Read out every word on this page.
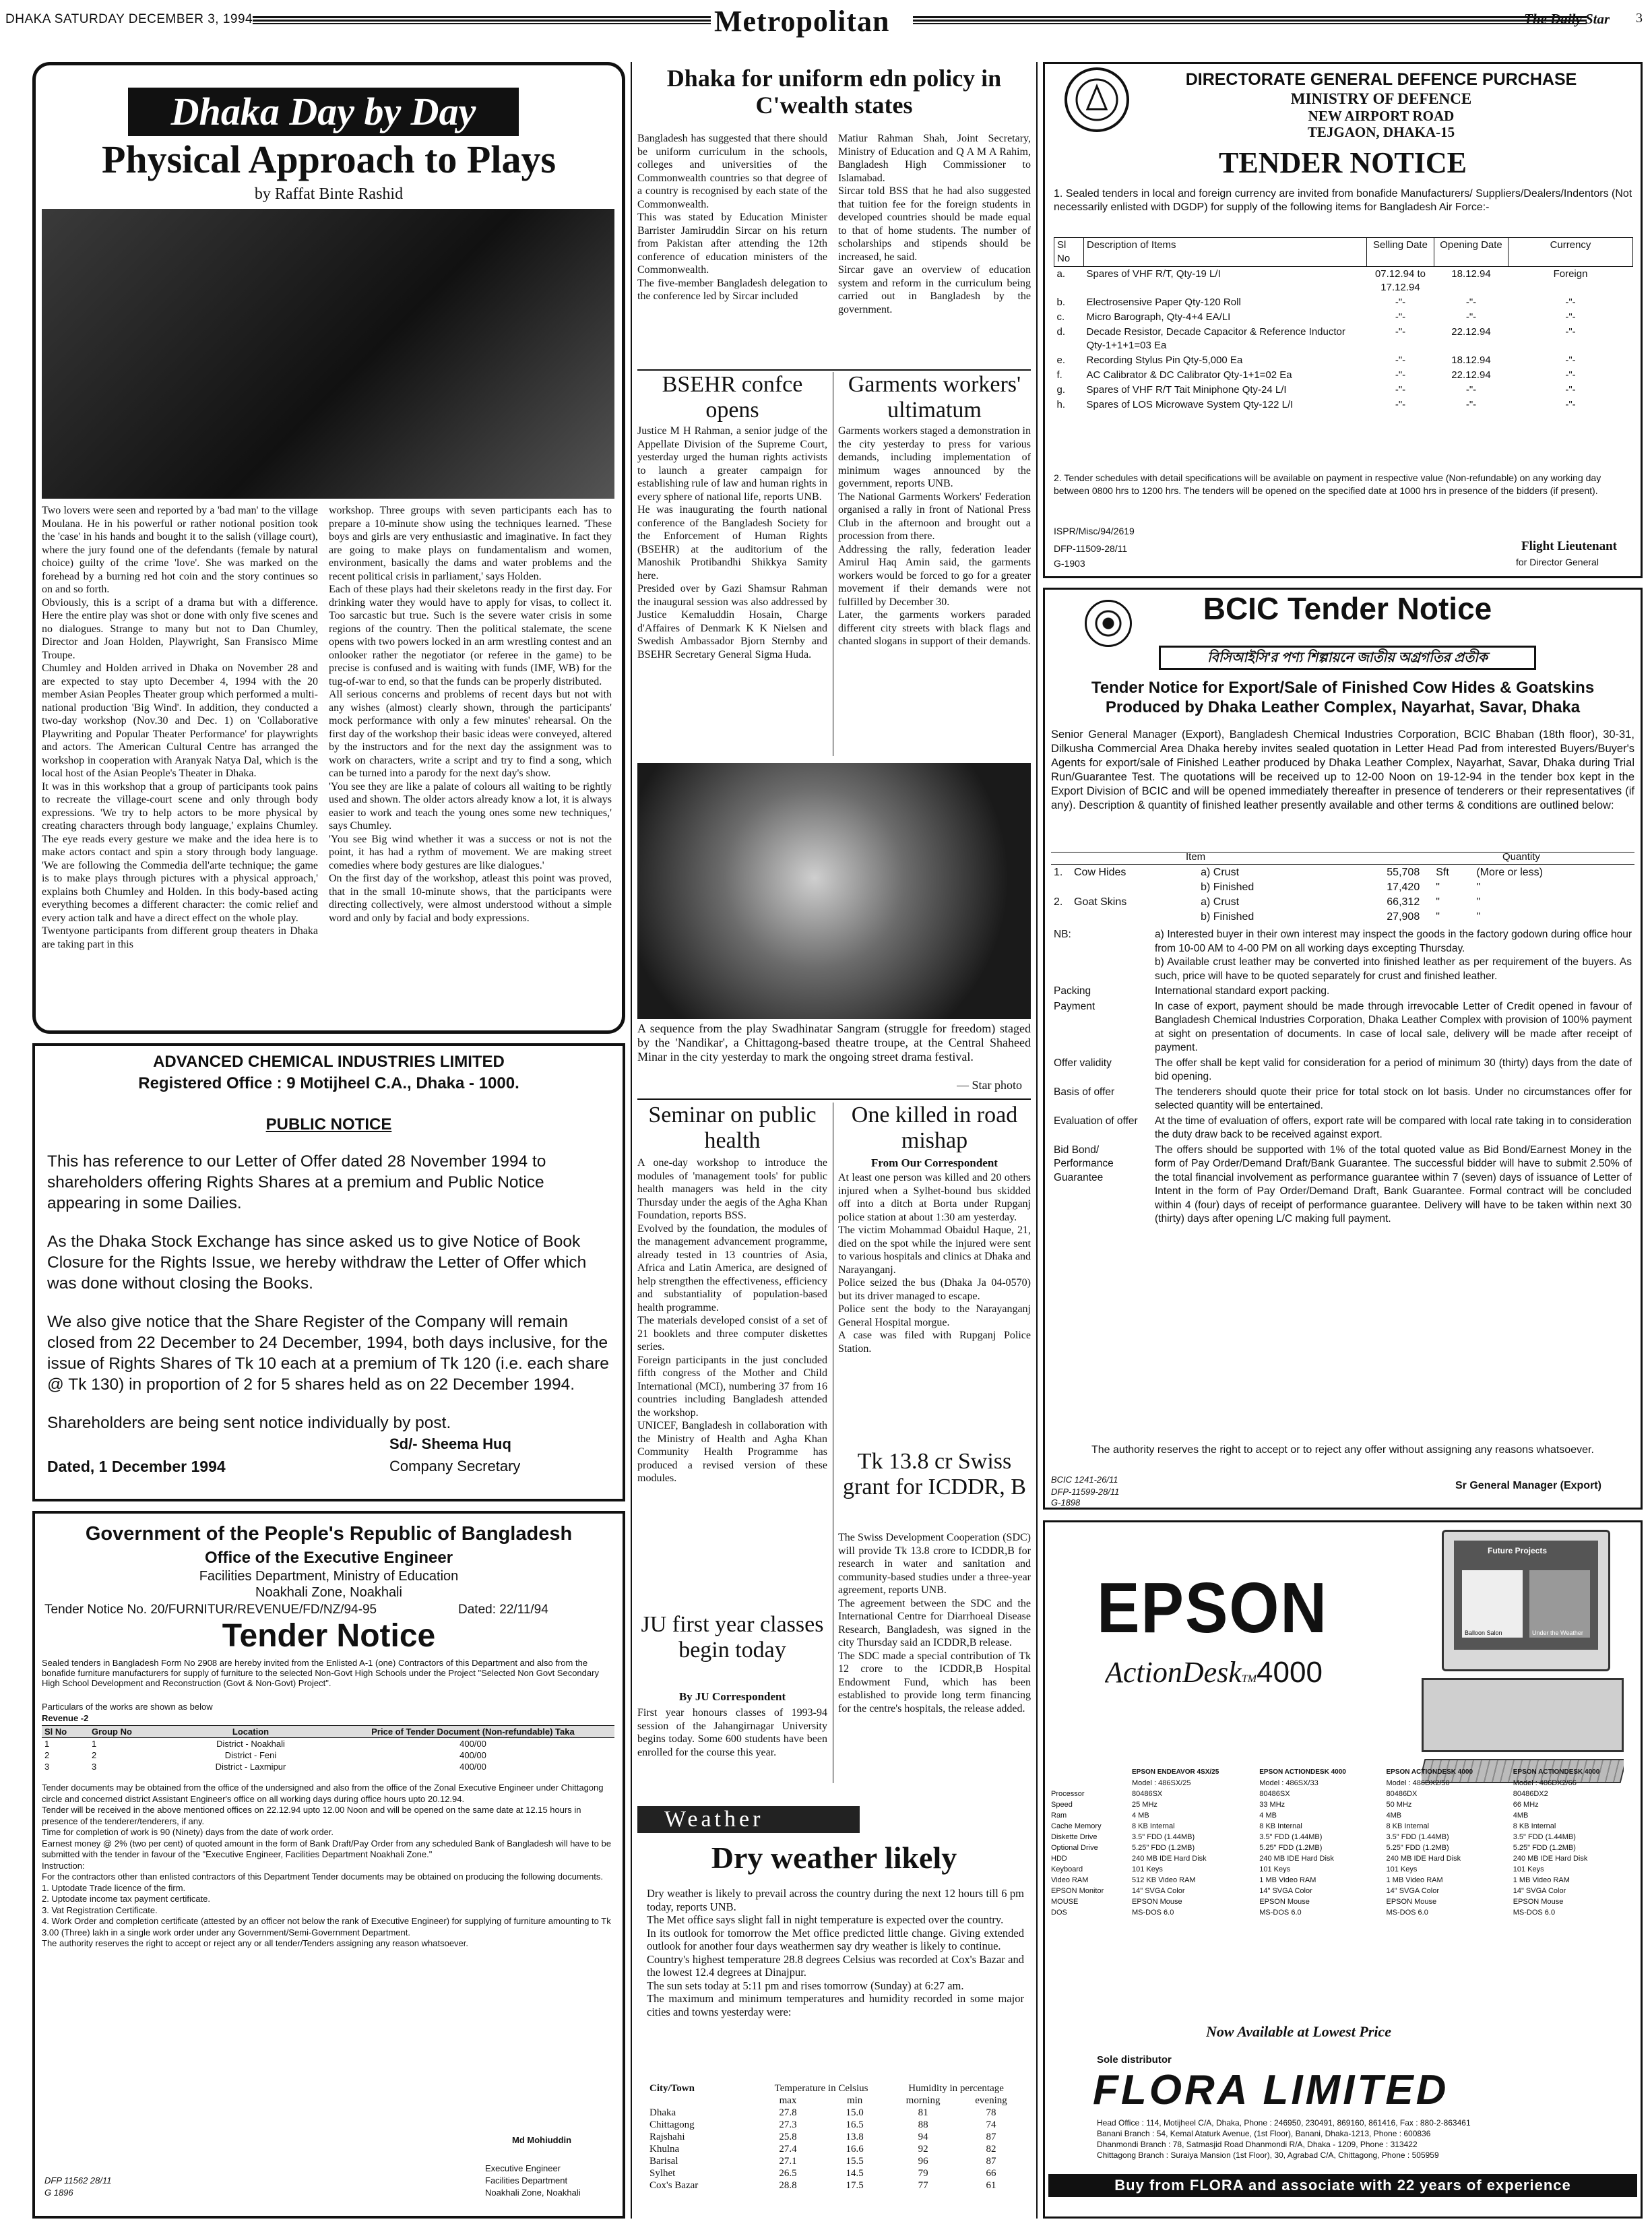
DHAKA SATURDAY DECEMBER 3, 1994	Metropolitan	The Daily Star 3
Dhaka Day by Day
Physical Approach to Plays
by Raffat Binte Rashid
Two lovers were seen and reported by a 'bad man' to the village Moulana. He in his powerful or rather notional position took the 'case' in his hands and bought it to the salish (village court), where the jury found one of the defendants (female by natural choice) guilty of the crime 'love'. She was marked on the forehead by a burning red hot coin and the story continues so on and so forth.
Obviously, this is a script of a drama but with a difference. Here the entire play was shot or done with only five scenes and no dialogues. Strange to many but not to Dan Chumley, Director and Joan Holden, Playwright, San Fransisco Mime Troupe.
Chumley and Holden arrived in Dhaka on November 28 and are expected to stay upto December 4, 1994 with the 20 member Asian Peoples Theater group which performed a multi-national production 'Big Wind'. In addition, they conducted a two-day workshop (Nov.30 and Dec. 1) on 'Collaborative Playwriting and Popular Theater Performance' for playwrights and actors. The American Cultural Centre has arranged the workshop in cooperation with Aranyak Natya Dal, which is the local host of the Asian People's Theater in Dhaka.
It was in this workshop that a group of participants took pains to recreate the village-court scene and only through body expressions. 'We try to help actors to be more physical by creating characters through body language,' explains Chumley. The eye reads every gesture we make and the idea here is to make actors contact and spin a story through body language. 'We are following the Commedia dell'arte technique; the game is to make plays through pictures with a physical approach,' explains both Chumley and Holden. In this body-based acting everything becomes a different character: the comic relief and every action talk and have a direct effect on the whole play.
Twentyone participants from different group theaters in Dhaka are taking part in this
workshop. Three groups with seven participants each has to prepare a 10-minute show using the techniques learned. 'These boys and girls are very enthusiastic and imaginative. In fact they are going to make plays on fundamentalism and women, environment, basically the dams and water problems and the recent political crisis in parliament,' says Holden.
Each of these plays had their skeletons ready in the first day. For drinking water they would have to apply for visas, to collect it. Too sarcastic but true. Such is the severe water crisis in some regions of the country. Then the political stalemate, the scene opens with two powers locked in an arm wrestling contest and an onlooker rather the negotiator (or referee in the game) to be precise is confused and is waiting with funds (IMF, WB) for the tug-of-war to end, so that the funds can be properly distributed.
All serious concerns and problems of recent days but not with any wishes (almost) clearly shown, through the participants' mock performance with only a few minutes' rehearsal. On the first day of the workshop their basic ideas were conveyed, altered by the instructors and for the next day the assignment was to work on characters, write a script and try to find a song, which can be turned into a parody for the next day's show.
'You see they are like a palate of colours all waiting to be rightly used and shown. The older actors already know a lot, it is always easier to work and teach the young ones some new techniques,' says Chumley.
'You see Big wind whether it was a success or not is not the point, it has had a rythm of movement. We are making street comedies where body gestures are like dialogues.'
On the first day of the workshop, atleast this point was proved, that in the small 10-minute shows, that the participants were directing collectively, were almost understood without a simple word and only by facial and body expressions.
ADVANCED CHEMICAL INDUSTRIES LIMITED
Registered Office : 9 Motijheel C.A., Dhaka - 1000.
PUBLIC NOTICE

This has reference to our Letter of Offer dated 28 November 1994 to shareholders offering Rights Shares at a premium and Public Notice appearing in some Dailies.

As the Dhaka Stock Exchange has since asked us to give Notice of Book Closure for the Rights Issue, we hereby withdraw the Letter of Offer which was done without closing the Books.

We also give notice that the Share Register of the Company will remain closed from 22 December to 24 December, 1994, both days inclusive, for the issue of Rights Shares of Tk 10 each at a premium of Tk 120 (i.e. each share @ Tk 130) in proportion of 2 for 5 shares held as on 22 December 1994.

Shareholders are being sent notice individually by post.

Sd/- Sheema Huq
Dated, 1 December 1994	Company Secretary
Government of the People's Republic of Bangladesh
Office of the Executive Engineer
Facilities Department, Ministry of Education
Noakhali Zone, Noakhali
Tender Notice No. 20/FURNITUR/REVENUE/FD/NZ/94-95	Dated: 22/11/94
Tender Notice
Sealed tenders in Bangladesh Form No 2908 are hereby invited from the Enlisted A-1 (one) Contractors of this Department and also from the bonafide furniture manufacturers for supply of furniture to the selected Non-Govt High Schools under the Project "Selected Non Govt Secondary High School Development and Reconstruction (Govt & Non-Govt) Project".
Particulars of the works are shown as below
Revenue -2
Sl No	Group No	Location	Price of Tender Document (Non-refundable) Taka
1	1	District - Noakhali	400/00
2	2	District - Feni	400/00
3	3	District - Laxmipur	400/00
Tender documents may be obtained from the office of the undersigned and also from the office of the Zonal Executive Engineer under Chittagong circle and concerned district Assistant Engineer's office on all working days during office hours upto 20.12.94.
Tender will be received in the above mentioned offices on 22.12.94 upto 12.00 Noon and will be opened on the same date at 12.15 hours in presence of the tenderer/tenderers, if any.
Time for completion of work is 90 (Ninety) days from the date of work order.
Earnest money @ 2% (two per cent) of quoted amount in the form of Bank Draft/Pay Order from any scheduled Bank of Bangladesh will have to be submitted with the tender in favour of the "Executive Engineer, Facilities Department Noakhali Zone."
Instruction:
For the contractors other than enlisted contractors of this Department Tender documents may be obtained on producing the following documents.
1. Uptodate Trade licence of the firm.
2. Uptodate income tax payment certificate.
3. Vat Registration Certificate.
4. Work Order and completion certificate (attested by an officer not below the rank of Executive Engineer) for supplying of furniture amounting to Tk 3.00 (Three) lakh in a single work order under any Government/Semi-Government Department.
The authority reserves the right to accept or reject any or all tender/Tenders assigning any reason whatsoever.
Md Mohiuddin
Executive Engineer
Facilities Department
Noakhali Zone, Noakhali
DFP 11562 28/11
G 1896
Dhaka for uniform edn policy in C'wealth states
Bangladesh has suggested that there should be uniform curriculum in the schools, colleges and universities of the Commonwealth countries so that degree of a country is recognised by each state of the Commonwealth.
This was stated by Education Minister Barrister Jamiruddin Sircar on his return from Pakistan after attending the 12th conference of education ministers of the Commonwealth.
The five-member Bangladesh delegation to the conference led by Sircar included
Matiur Rahman Shah, Joint Secretary, Ministry of Education and Q A M A Rahim, Bangladesh High Commissioner to Islamabad.
Sircar told BSS that he had also suggested that tuition fee for the foreign students in developed countries should be made equal to that of home students. The number of scholarships and stipends should be increased, he said.
Sircar gave an overview of education system and reform in the curriculum being carried out in Bangladesh by the government.
BSEHR confce opens
Justice M H Rahman, a senior judge of the Appellate Division of the Supreme Court, yesterday urged the human rights activists to launch a greater campaign for establishing rule of law and human rights in every sphere of national life, reports UNB.
He was inaugurating the fourth national conference of the Bangladesh Society for the Enforcement of Human Rights (BSEHR) at the auditorium of the Manoshik Protibandhi Shikkya Samity here.
Presided over by Gazi Shamsur Rahman the inaugural session was also addressed by Justice Kemaluddin Hosain, Charge d'Affaires of Denmark K K Nielsen and Swedish Ambassador Bjorn Sternby and BSEHR Secretary General Sigma Huda.
Garments workers' ultimatum
Garments workers staged a demonstration in the city yesterday to press for various demands, including implementation of minimum wages announced by the government, reports UNB.
The National Garments Workers' Federation organised a rally in front of National Press Club in the afternoon and brought out a procession from there.
Addressing the rally, federation leader Amirul Haq Amin said, the garments workers would be forced to go for a greater movement if their demands were not fulfilled by December 30.
Later, the garments workers paraded different city streets with black flags and chanted slogans in support of their demands.
A sequence from the play Swadhinatar Sangram (struggle for freedom) staged by the 'Nandikar', a Chittagong-based theatre troupe, at the Central Shaheed Minar in the city yesterday to mark the ongoing street drama festival.
— Star photo
Seminar on public health
A one-day workshop to introduce the modules of 'management tools' for public health managers was held in the city Thursday under the aegis of the Agha Khan Foundation, reports BSS.
Evolved by the foundation, the modules of the management advancement programme, already tested in 13 countries of Asia, Africa and Latin America, are designed of help strengthen the effectiveness, efficiency and substantiality of population-based health programme.
The materials developed consist of a set of 21 booklets and three computer diskettes series.
Foreign participants in the just concluded fifth congress of the Mother and Child International (MCI), numbering 37 from 16 countries including Bangladesh attended the workshop.
UNICEF, Bangladesh in collaboration with the Ministry of Health and Agha Khan Community Health Programme has produced a revised version of these modules.
One killed in road mishap
From Our Correspondent
At least one person was killed and 20 others injured when a Sylhet-bound bus skidded off into a ditch at Borta under Rupganj police station at about 1:30 am yesterday.
The victim Mohammad Obaidul Haque, 21, died on the spot while the injured were sent to various hospitals and clinics at Dhaka and Narayanganj.
Police seized the bus (Dhaka Ja 04-0570) but its driver managed to escape.
Police sent the body to the Narayanganj General Hospital morgue.
A case was filed with Rupganj Police Station.
Tk 13.8 cr Swiss grant for ICDDR, B
The Swiss Development Cooperation (SDC) will provide Tk 13.8 crore to ICDDR,B for research in water and sanitation and community-based studies under a three-year agreement, reports UNB.
The agreement between the SDC and the International Centre for Diarrhoeal Disease Research, Bangladesh, was signed in the city Thursday said an ICDDR,B release.
The SDC made a special contribution of Tk 12 crore to the ICDDR,B Hospital Endowment Fund, which has been established to provide long term financing for the centre's hospitals, the release added.
JU first year classes begin today
By JU Correspondent
First year honours classes of 1993-94 session of the Jahangirnagar University begins today. Some 600 students have been enrolled for the course this year.
Weather
Dry weather likely
Dry weather is likely to prevail across the country during the next 12 hours till 6 pm today, reports UNB.
The Met office says slight fall in night temperature is expected over the country.
In its outlook for tomorrow the Met office predicted little change. Giving extended outlook for another four days weathermen say dry weather is likely to continue.
Country's highest temperature 28.8 degrees Celsius was recorded at Cox's Bazar and the lowest 12.4 degrees at Dinajpur.
The sun sets today at 5:11 pm and rises tomorrow (Sunday) at 6:27 am.
The maximum and minimum temperatures and humidity recorded in some major cities and towns yesterday were:
City/Town	Temperature in Celsius		Humidity in percentage	
	max	min	morning	evening
Dhaka	27.8	15.0	81	78
Chittagong	27.3	16.5	88	74
Rajshahi	25.8	13.8	94	87
Khulna	27.4	16.6	92	82
Barisal	27.1	15.5	96	87
Sylhet	26.5	14.5	79	66
Cox's Bazar	28.8	17.5	77	61
DIRECTORATE GENERAL DEFENCE PURCHASE
MINISTRY OF DEFENCE
NEW AIRPORT ROAD
TEJGAON, DHAKA-15
TENDER NOTICE
1. Sealed tenders in local and foreign currency are invited from bonafide Manufacturers/ Suppliers/Dealers/Indentors (Not necessarily enlisted with DGDP) for supply of the following items for Bangladesh Air Force:-
Sl No	Description of Items	Selling Date	Opening Date	Currency
a.	Spares of VHF R/T, Qty-19 L/I	07.12.94 to 17.12.94	18.12.94	Foreign
b.	Electrosensive Paper Qty-120 Roll	-"-	-"-	-"-
c.	Micro Barograph, Qty-4+4 EA/LI	-"-	-"-	-"-
d.	Decade Resistor, Decade Capacitor & Reference Inductor Qty-1+1+1=03 Ea	-"-	22.12.94	-"-
e.	Recording Stylus Pin Qty-5,000 Ea	-"-	18.12.94	-"-
f.	AC Calibrator & DC Calibrator Qty-1+1=02 Ea	-"-	22.12.94	-"-
g.	Spares of VHF R/T Tait Miniphone Qty-24 L/I	-"-	-"-	-"-
h.	Spares of LOS Microwave System Qty-122 L/I	-"-	-"-	-"-
2. Tender schedules with detail specifications will be available on payment in respective value (Non-refundable) on any working day between 0800 hrs to 1200 hrs. The tenders will be opened on the specified date at 1000 hrs in presence of the bidders (if present).
ISPR/Misc/94/2619
DFP-11509-28/11
G-1903
Flight Lieutenant
for Director General
BCIC Tender Notice
বিসিআইসি'র পণ্য শিল্পায়নে জাতীয় অগ্রগতির প্রতীক
Tender Notice for Export/Sale of Finished Cow Hides & Goatskins Produced by Dhaka Leather Complex, Nayarhat, Savar, Dhaka
Senior General Manager (Export), Bangladesh Chemical Industries Corporation, BCIC Bhaban (18th floor), 30-31, Dilkusha Commercial Area Dhaka hereby invites sealed quotation in Letter Head Pad from interested Buyers/Buyer's Agents for export/sale of Finished Leather produced by Dhaka Leather Complex, Nayarhat, Savar, Dhaka during Trial Run/Guarantee Test. The quotations will be received up to 12-00 Noon on 19-12-94 in the tender box kept in the Export Division of BCIC and will be opened immediately thereafter in presence of tenderers or their representatives (if any). Description & quantity of finished leather presently available and other terms & conditions are outlined below:
Item	Quantity
1.	Cow Hides	a) Crust	55,708	Sft	(More or less)
		b) Finished	17,420	"	"
2.	Goat Skins	a) Crust	66,312	"	"
		b) Finished	27,908	"	"
NB:	a) Interested buyer in their own interest may inspect the goods in the factory godown during office hour from 10-00 AM to 4-00 PM on all working days excepting Thursday.
b) Available crust leather may be converted into finished leather as per requirement of the buyers. As such, price will have to be quoted separately for crust and finished leather.
Packing	International standard export packing.
Payment	In case of export, payment should be made through irrevocable Letter of Credit opened in favour of Bangladesh Chemical Industries Corporation, Dhaka Leather Complex with provision of 100% payment at sight on presentation of documents. In case of local sale, delivery will be made after receipt of payment.
Offer validity	The offer shall be kept valid for consideration for a period of minimum 30 (thirty) days from the date of bid opening.
Basis of offer	The tenderers should quote their price for total stock on lot basis. Under no circumstances offer for selected quantity will be entertained.
Evaluation of offer	At the time of evaluation of offers, export rate will be compared with local rate taking in to consideration the duty draw back to be received against export.
Bid Bond/ Performance Guarantee	The offers should be supported with 1% of the total quoted value as Bid Bond/Earnest Money in the form of Pay Order/Demand Draft/Bank Guarantee. The successful bidder will have to submit 2.50% of the total financial involvement as performance guarantee within 7 (seven) days of issuance of Letter of Intent in the form of Pay Order/Demand Draft, Bank Guarantee. Formal contract will be concluded within 4 (four) days of receipt of performance guarantee. Delivery will have to be taken within next 30 (thirty) days after opening L/C making full payment.
The authority reserves the right to accept or to reject any offer without assigning any reasons whatsoever.
BCIC 1241-26/11
DFP-11599-28/11
G-1898
Sr General Manager (Export)
EPSON
ActionDeskTM4000
Future Projects
Balloon Salon	Under the Weather
	EPSON ENDEAVOR 4SX/25	EPSON ACTIONDESK 4000	EPSON ACTIONDESK 4000	EPSON ACTIONDESK 4000
	Model : 486SX/25	Model : 486SX/33	Model : 486DX2/50	Model : 486DX2/66
Processor	80486SX	80486SX	80486DX	80486DX2
Speed	25 MHz	33 MHz	50 MHz	66 MHz
Ram	4 MB	4 MB	4MB	4MB
Cache Memory	8 KB Internal	8 KB Internal	8 KB Internal	8 KB Internal
Diskette Drive	3.5" FDD (1.44MB)	3.5" FDD (1.44MB)	3.5" FDD (1.44MB)	3.5" FDD (1.44MB)
Optional Drive	5.25" FDD (1.2MB)	5.25" FDD (1.2MB)	5.25" FDD (1.2MB)	5.25" FDD (1.2MB)
HDD	240 MB IDE Hard Disk	240 MB IDE Hard Disk	240 MB IDE Hard Disk	240 MB IDE Hard Disk
Keyboard	101 Keys	101 Keys	101 Keys	101 Keys
Video RAM	512 KB Video RAM	1 MB Video RAM	1 MB Video RAM	1 MB Video RAM
EPSON Monitor	14" SVGA Color	14" SVGA Color	14" SVGA Color	14" SVGA Color
MOUSE	EPSON Mouse	EPSON Mouse	EPSON Mouse	EPSON Mouse
DOS	MS-DOS 6.0	MS-DOS 6.0	MS-DOS 6.0	MS-DOS 6.0
Now Available at Lowest Price
Sole distributor
FLORA LIMITED
Head Office : 114, Motijheel C/A, Dhaka, Phone : 246950, 230491, 869160, 861416, Fax : 880-2-863461
Banani Branch : 54, Kemal Ataturk Avenue, (1st Floor), Banani, Dhaka-1213, Phone : 600836
Dhanmondi Branch : 78, Satmasjid Road Dhanmondi R/A, Dhaka - 1209, Phone : 313422
Chittagong Branch : Suraiya Mansion (1st Floor), 30, Agrabad C/A, Chittagong, Phone : 505959
Buy from FLORA and associate with 22 years of experience
